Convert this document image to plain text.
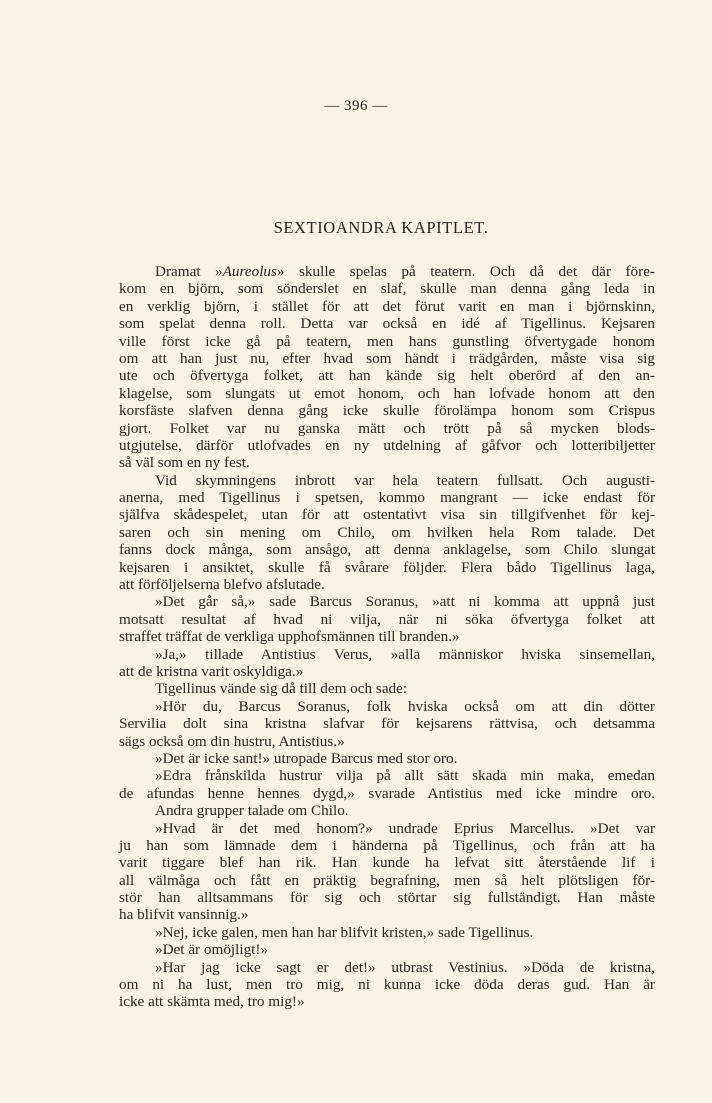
— 396 —
SEXTIOANDRA KAPITLET.
Dramat »Aureolus» skulle spelas på teatern. Och då det där före-
kom en björn, som sönderslet en slaf, skulle man denna gång leda in
en verklig björn, i stället för att det förut varit en man i björnskinn,
som spelat denna roll. Detta var också en idé af Tigellinus. Kejsaren
ville först icke gå på teatern, men hans gunstling öfvertygade honom
om att han just nu, efter hvad som händt i trädgården, måste visa sig
ute och öfvertyga folket, att han kände sig helt oberörd af den an-
klagelse, som slungats ut emot honom, och han lofvade honom att den
korsfäste slafven denna gång icke skulle förolämpa honom som Crispus
gjort. Folket var nu ganska mätt och trött på så mycken blods-
utgjutelse, därför utlofvades en ny utdelning af gåfvor och lotteribiljetter
så väl som en ny fest.
Vid skymningens inbrott var hela teatern fullsatt. Och augusti-
anerna, med Tigellinus i spetsen, kommo mangrant — icke endast för
själfva skådespelet, utan för att ostentativt visa sin tillgifvenhet för kej-
saren och sin mening om Chilo, om hvilken hela Rom talade. Det
fanns dock många, som ansågo, att denna anklagelse, som Chilo slungat
kejsaren i ansiktet, skulle få svårare följder. Flera bådo Tigellinus laga,
att förföljelserna blefvo afslutade.
»Det går så,» sade Barcus Soranus, »att ni komma att uppnå just
motsatt resultat af hvad ni vilja, när ni söka öfvertyga folket att
straffet träffat de verkliga upphofsmännen till branden.»
»Ja,» tillade Antistius Verus, »alla människor hviska sinsemellan,
att de kristna varit oskyldiga.»
Tigellinus vände sig då till dem och sade:
»Hör du, Barcus Soranus, folk hviska också om att din dötter
Servilia dolt sina kristna slafvar för kejsarens rättvisa, och detsamma
sägs också om din hustru, Antistius.»
»Det är icke sant!» utropade Barcus med stor oro.
»Edra frånskilda hustrur vilja på allt sätt skada min maka, emedan
de afundas henne hennes dygd,» svarade Antistius med icke mindre oro.
Andra grupper talade om Chilo.
»Hvad är det med honom?» undrade Eprius Marcellus. »Det var
ju han som lämnade dem i händerna på Tigellinus, och från att ha
varit tiggare blef han rik. Han kunde ha lefvat sitt återstående lif i
all välmåga och fått en präktig begrafning, men så helt plötsligen för-
stör han alltsammans för sig och störtar sig fullständigt. Han måste
ha blifvit vansinnig.»
»Nej, icke galen, men han har blifvit kristen,» sade Tigellinus.
»Det är omöjligt!»
»Har jag icke sagt er det!» utbrast Vestinius. »Döda de kristna,
om ni ha lust, men tro mig, ni kunna icke döda deras gud. Han är
icke att skämta med, tro mig!»
